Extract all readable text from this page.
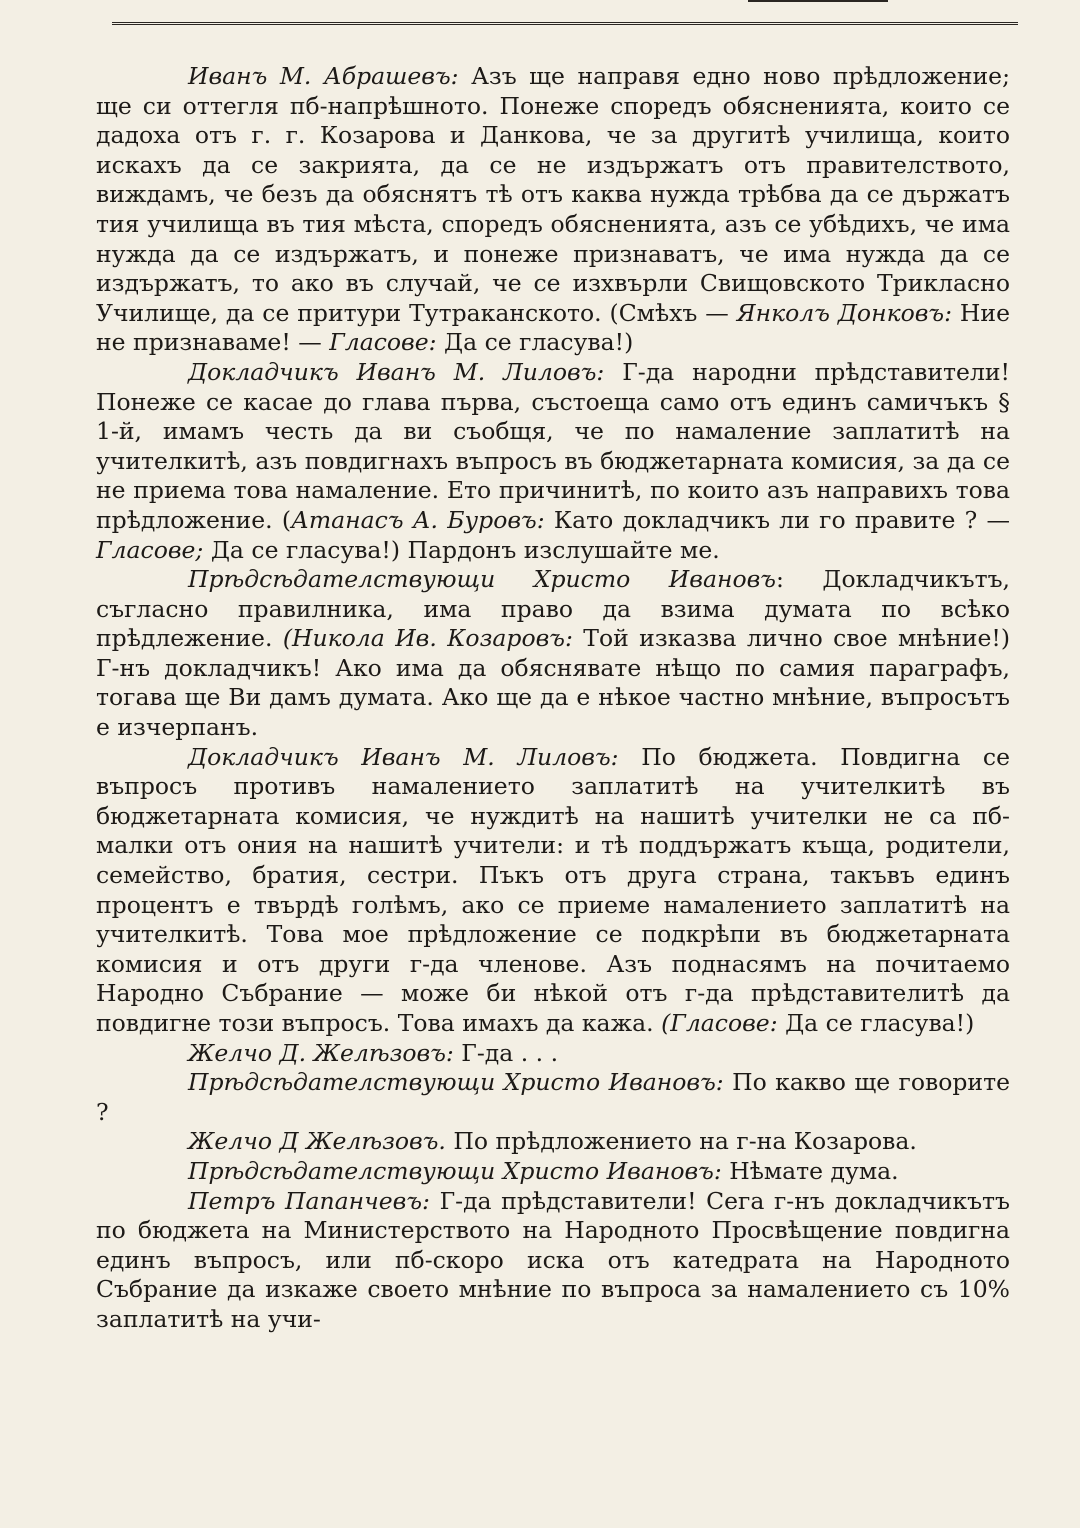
Иванъ М. Абрашевъ: Азъ ще направя едно ново прѣдложение; ще си оттегля пб-напрѣшното. Понеже споредъ обясненията, които се дадоха отъ г. г. Козарова и Данкова, че за другитѣ училища, които искахъ да се закрията, да се не издържатъ отъ правителството, виждамъ, че безъ да обяснятъ тѣ отъ каква нужда трѣбва да се държатъ тия училища въ тия мѣста, споредъ обясненията, азъ се убѣдихъ, че има нужда да се издържатъ, и понеже признаватъ, че има нужда да се издържатъ, то ако въ случай, че се изхвърли Свищовското Трикласно Училище, да се притури Тутраканското. (Смѣхъ — Янколъ Донковъ: Ние не признаваме! — Гласове: Да се гласува!)

Докладчикъ Иванъ М. Лиловъ: Г-да народни прѣдставители! Понеже се касае до глава първа, състоеща само отъ единъ самичъкъ § 1-й, имамъ честь да ви съобщя, че по намаление заплатитѣ на учителкитѣ, азъ повдигнахъ въпросъ въ бюджетарната комисия, за да се не приема това намаление. Ето причинитѣ, по които азъ направихъ това прѣдложение. (Атанасъ А. Буровъ: Като докладчикъ ли го правите ? — Гласове; Да се гласува!) Пардонъ изслушайте ме.

Прѣдсѣдателствующи Христо Ивановъ: Докладчикътъ, съгласно правилника, има право да взима думата по всѣко прѣдлежение. (Никола Ив. Козаровъ: Той изказва лично свое мнѣние!) Г-нъ докладчикъ! Ако има да обяснявате нѣщо по самия параграфъ, тогава ще Ви дамъ думата. Ако ще да е нѣкое частно мнѣние, въпросътъ е изчерпанъ.

Докладчикъ Иванъ М. Лиловъ: По бюджета. Повдигна се въпросъ противъ намалението заплатитѣ на учителкитѣ въ бюджетарната комисия, че нуждитѣ на нашитѣ учителки не са пб-малки отъ ония на нашитѣ учители: и тѣ поддържатъ къща, родители, семейство, братия, сестри. Пъкъ отъ друга страна, такъвъ единъ процентъ е твърдѣ голѣмъ, ако се приеме намалението заплатитѣ на учителкитѣ. Това мое прѣдложение се подкрѣпи въ бюджетарната комисия и отъ други г-да членове. Азъ поднасямъ на почитаемо Народно Събрание — може би нѣкой отъ г-да прѣдставителитѣ да повдигне този въпросъ. Това имахъ да кажа. (Гласове: Да се гласува!)

Желчо Д. Желѣзовъ: Г-да . . .

Прѣдсѣдателствующи Христо Ивановъ: По какво ще говорите ?

Желчо Д Желѣзовъ. По прѣдложението на г-на Козарова.

Прѣдсѣдателствующи Христо Ивановъ: Нѣмате дума.

Петръ Папанчевъ: Г-да прѣдставители! Сега г-нъ докладчикътъ по бюджета на Министерството на Народното Просвѣщение повдигна единъ въпросъ, или пб-скоро иска отъ катедрата на Народното Събрание да изкаже своето мнѣние по въпроса за намалението съ 10% заплатитѣ на учи-
